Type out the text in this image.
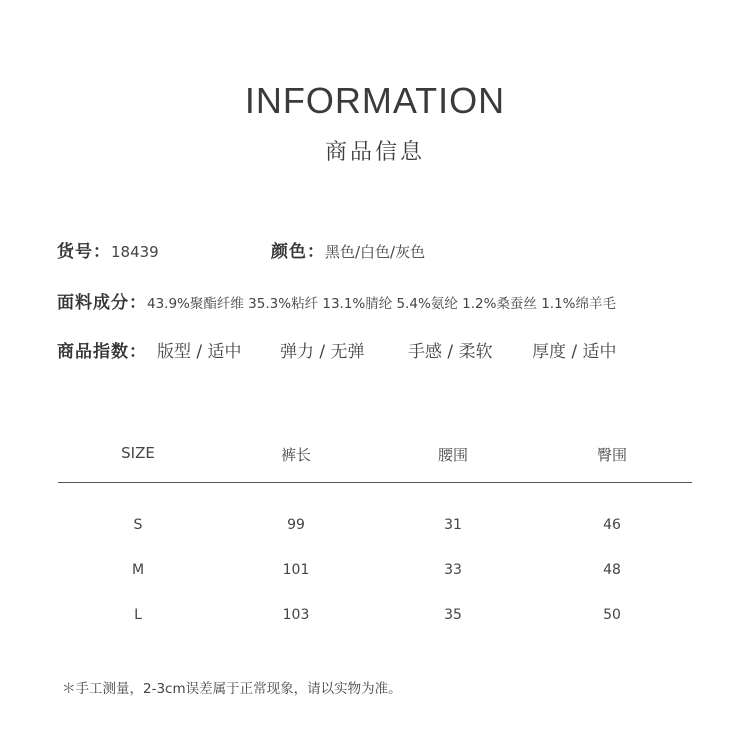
INFORMATION
商品信息
货号：18439	颜色：黑色/白色/灰色
面料成分：43.9%聚酯纤维 35.3%粘纤 13.1%腈纶 5.4%氨纶 1.2%桑蚕丝 1.1%绵羊毛
商品指数： 版型 / 适中 弹力 / 无弹	手感 / 柔软 厚度 / 适中
SIZE	裤长	腰围	臀围
S	99	31	46
M	101	33	48
L	103	35	50
＊手工测量，2-3cm误差属于正常现象，请以实物为准。
